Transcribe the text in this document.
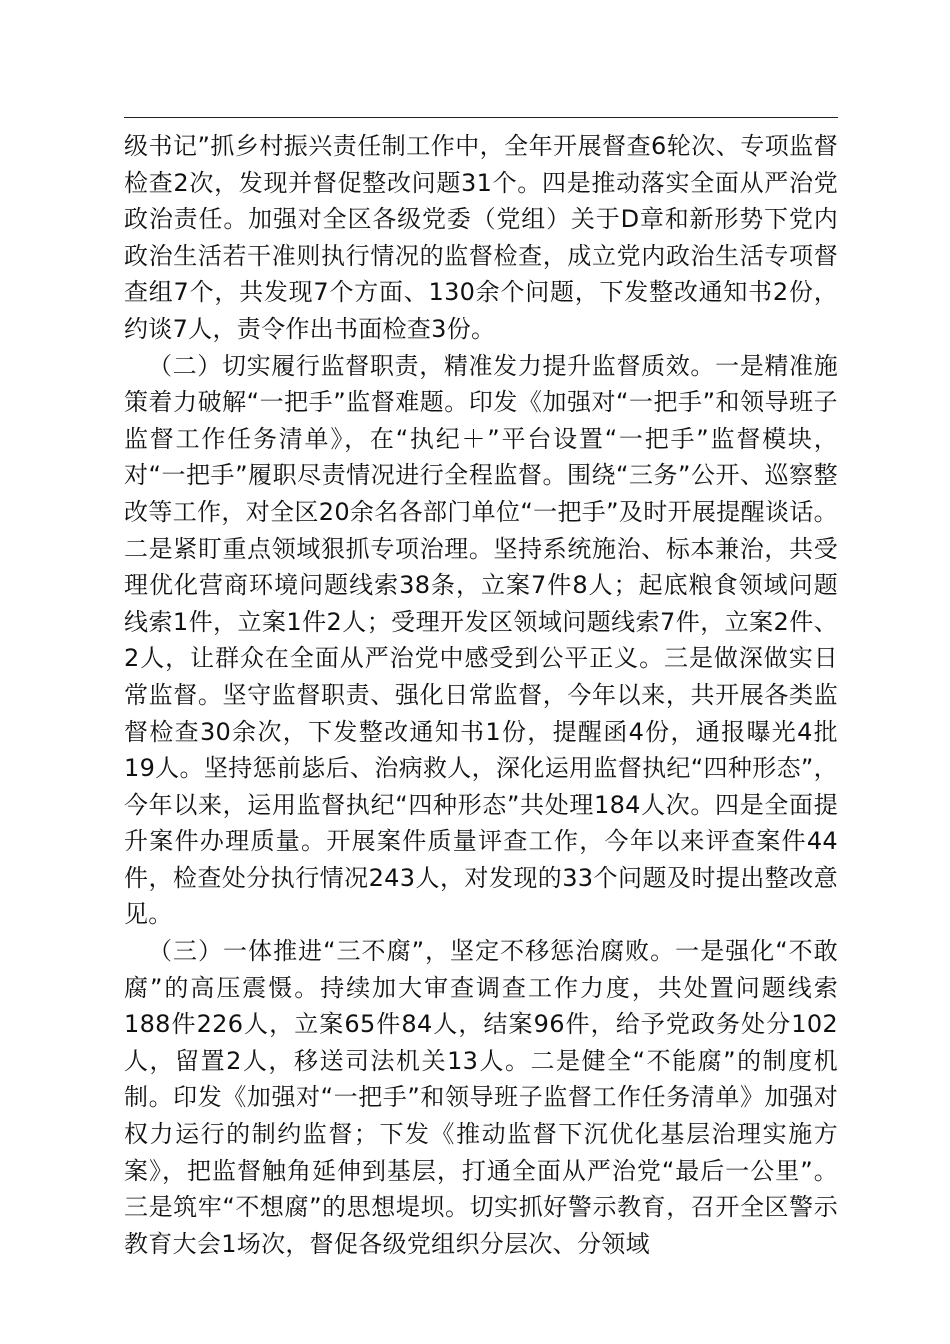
级书记”抓乡村振兴责任制工作中，全年开展督查6轮次、专项监督检查2次，发现并督促整改问题31个。四是推动落实全面从严治党政治责任。加强对全区各级党委（党组）关于D章和新形势下党内政治生活若干准则执行情况的监督检查，成立党内政治生活专项督查组7个，共发现7个方面、130余个问题，下发整改通知书2份，约谈7人，责令作出书面检查3份。

（二）切实履行监督职责，精准发力提升监督质效。一是精准施策着力破解“一把手”监督难题。印发《加强对“一把手”和领导班子监督工作任务清单》，在“执纪＋”平台设置“一把手”监督模块，对“一把手”履职尽责情况进行全程监督。围绕“三务”公开、巡察整改等工作，对全区20余名各部门单位“一把手”及时开展提醒谈话。二是紧盯重点领域狠抓专项治理。坚持系统施治、标本兼治，共受理优化营商环境问题线索38条，立案7件8人；起底粮食领域问题线索1件，立案1件2人；受理开发区领域问题线索7件，立案2件、2人，让群众在全面从严治党中感受到公平正义。三是做深做实日常监督。坚守监督职责、强化日常监督，今年以来，共开展各类监督检查30余次，下发整改通知书1份，提醒函4份，通报曝光4批19人。坚持惩前毖后、治病救人，深化运用监督执纪“四种形态”，今年以来，运用监督执纪“四种形态”共处理184人次。四是全面提升案件办理质量。开展案件质量评查工作，今年以来评查案件44件，检查处分执行情况243人，对发现的33个问题及时提出整改意见。

（三）一体推进“三不腐”，坚定不移惩治腐败。一是强化“不敢腐”的高压震慑。持续加大审查调查工作力度，共处置问题线索188件226人，立案65件84人，结案96件，给予党政务处分102人，留置2人，移送司法机关13人。二是健全“不能腐”的制度机制。印发《加强对“一把手”和领导班子监督工作任务清单》加强对权力运行的制约监督；下发《推动监督下沉优化基层治理实施方案》，把监督触角延伸到基层，打通全面从严治党“最后一公里”。三是筑牢“不想腐”的思想堤坝。切实抓好警示教育，召开全区警示教育大会1场次，督促各级党组织分层次、分领域
